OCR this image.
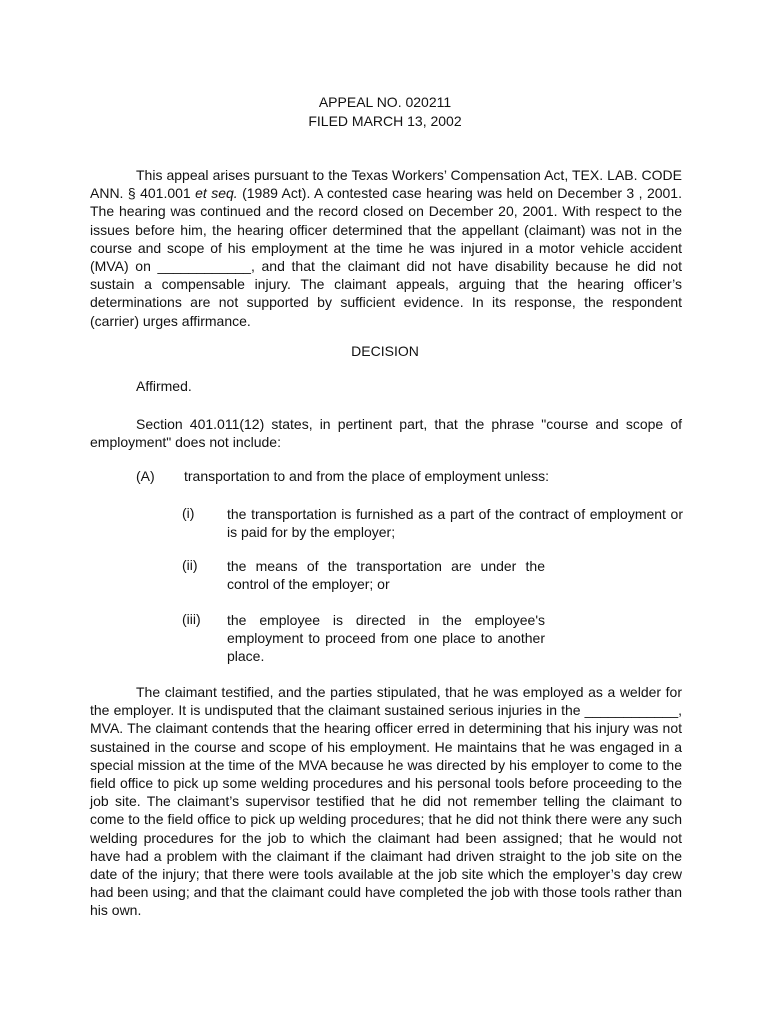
APPEAL NO. 020211
FILED MARCH 13, 2002
This appeal arises pursuant to the Texas Workers’ Compensation Act, TEX. LAB. CODE ANN. § 401.001 et seq. (1989 Act). A contested case hearing was held on December 3 , 2001. The hearing was continued and the record closed on December 20, 2001. With respect to the issues before him, the hearing officer determined that the appellant (claimant) was not in the course and scope of his employment at the time he was injured in a motor vehicle accident (MVA) on ____________, and that the claimant did not have disability because he did not sustain a compensable injury. The claimant appeals, arguing that the hearing officer’s determinations are not supported by sufficient evidence. In its response, the respondent (carrier) urges affirmance.
DECISION
Affirmed.
Section 401.011(12) states, in pertinent part, that the phrase "course and scope of employment" does not include:
(A) transportation to and from the place of employment unless:
(i) the transportation is furnished as a part of the contract of employment or is paid for by the employer;
(ii) the means of the transportation are under the control of the employer; or
(iii) the employee is directed in the employee's employment to proceed from one place to another place.
The claimant testified, and the parties stipulated, that he was employed as a welder for the employer. It is undisputed that the claimant sustained serious injuries in the ____________, MVA. The claimant contends that the hearing officer erred in determining that his injury was not sustained in the course and scope of his employment. He maintains that he was engaged in a special mission at the time of the MVA because he was directed by his employer to come to the field office to pick up some welding procedures and his personal tools before proceeding to the job site. The claimant’s supervisor testified that he did not remember telling the claimant to come to the field office to pick up welding procedures; that he did not think there were any such welding procedures for the job to which the claimant had been assigned; that he would not have had a problem with the claimant if the claimant had driven straight to the job site on the date of the injury; that there were tools available at the job site which the employer’s day crew had been using; and that the claimant could have completed the job with those tools rather than his own.
